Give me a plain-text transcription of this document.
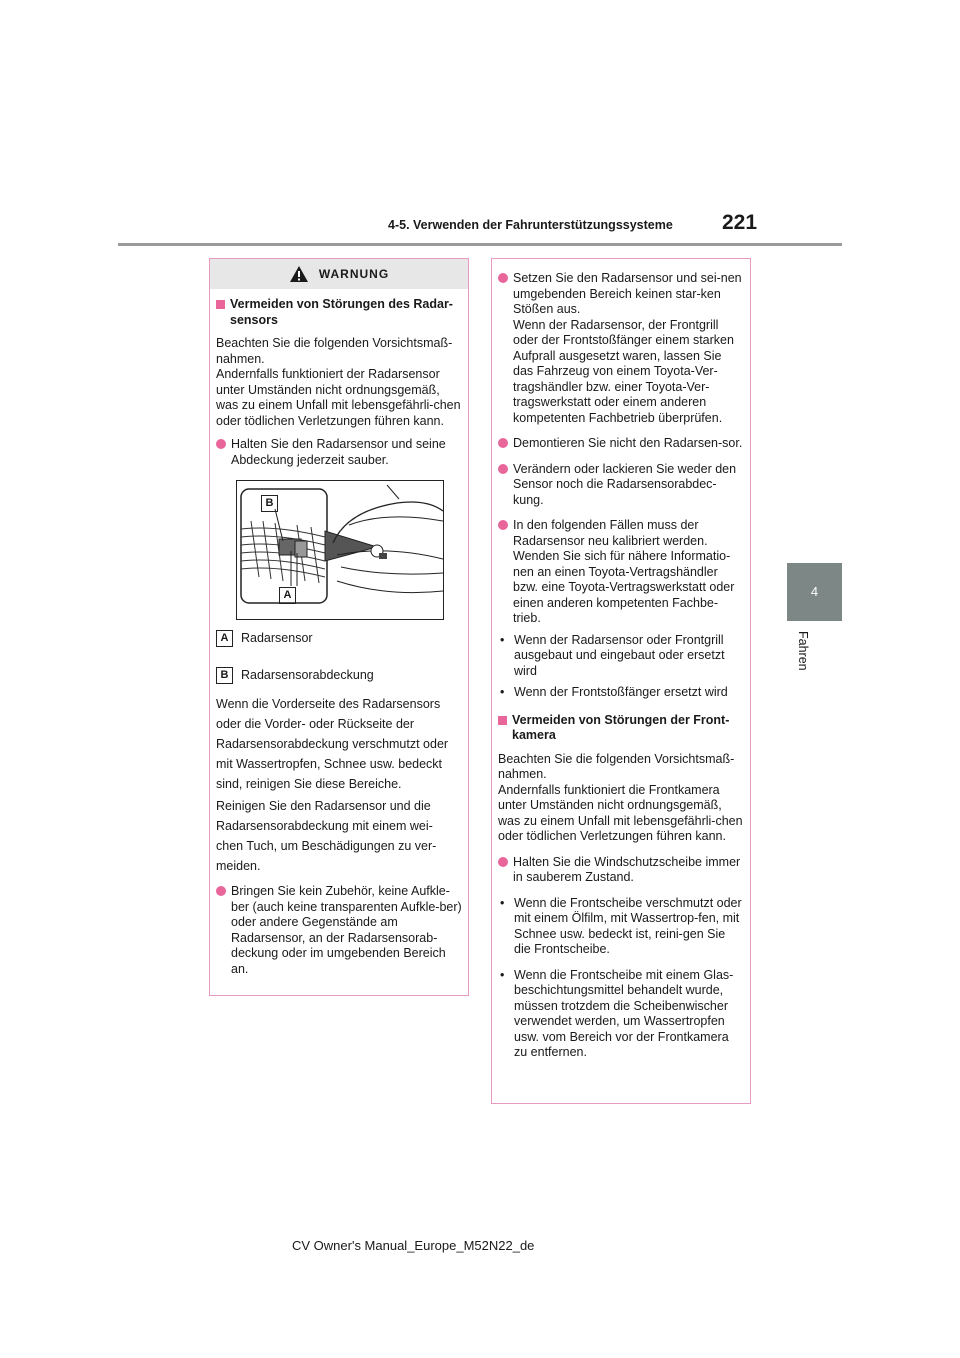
4-5. Verwenden der Fahrunterstützungssysteme 221
4
Fahren
WARNUNG
Vermeiden von Störungen des Radar-sensors
Beachten Sie die folgenden Vorsichtsmaß-nahmen.
Andernfalls funktioniert der Radarsensor unter Umständen nicht ordnungsgemäß, was zu einem Unfall mit lebensgefährli-chen oder tödlichen Verletzungen führen kann.
Halten Sie den Radarsensor und seine Abdeckung jederzeit sauber.
B
A
A	Radarsensor
B	Radarsensorabdeckung
Wenn die Vorderseite des Radarsensors
oder die Vorder- oder Rückseite der
Radarsensorabdeckung verschmutzt oder
mit Wassertropfen, Schnee usw. bedeckt
sind, reinigen Sie diese Bereiche.
Reinigen Sie den Radarsensor und die
Radarsensorabdeckung mit einem wei-
chen Tuch, um Beschädigungen zu ver-
meiden.
Bringen Sie kein Zubehör, keine Aufkle-ber (auch keine transparenten Aufkle-ber) oder andere Gegenstände am Radarsensor, an der Radarsensorab-deckung oder im umgebenden Bereich an.
Setzen Sie den Radarsensor und sei-nen umgebenden Bereich keinen star-ken Stößen aus.
Wenn der Radarsensor, der Frontgrill oder der Frontstoßfänger einem starken Aufprall ausgesetzt waren, lassen Sie das Fahrzeug von einem Toyota-Ver-tragshändler bzw. einer Toyota-Ver-tragswerkstatt oder einem anderen kompetenten Fachbetrieb überprüfen.
Demontieren Sie nicht den Radarsen-sor.
Verändern oder lackieren Sie weder den Sensor noch die Radarsensorabdec-kung.
In den folgenden Fällen muss der Radarsensor neu kalibriert werden. Wenden Sie sich für nähere Informatio-nen an einen Toyota-Vertragshändler bzw. eine Toyota-Vertragswerkstatt oder einen anderen kompetenten Fachbe-trieb.
• Wenn der Radarsensor oder Frontgrill ausgebaut und eingebaut oder ersetzt wird
• Wenn der Frontstoßfänger ersetzt wird
Vermeiden von Störungen der Front-kamera
Beachten Sie die folgenden Vorsichtsmaß-nahmen.
Andernfalls funktioniert die Frontkamera unter Umständen nicht ordnungsgemäß, was zu einem Unfall mit lebensgefährli-chen oder tödlichen Verletzungen führen kann.
Halten Sie die Windschutzscheibe immer in sauberem Zustand.
• Wenn die Frontscheibe verschmutzt oder mit einem Ölfilm, mit Wassertrop-fen, mit Schnee usw. bedeckt ist, reini-gen Sie die Frontscheibe.
• Wenn die Frontscheibe mit einem Glas-beschichtungsmittel behandelt wurde, müssen trotzdem die Scheibenwischer verwendet werden, um Wassertropfen usw. vom Bereich vor der Frontkamera zu entfernen.
CV Owner's Manual_Europe_M52N22_de
